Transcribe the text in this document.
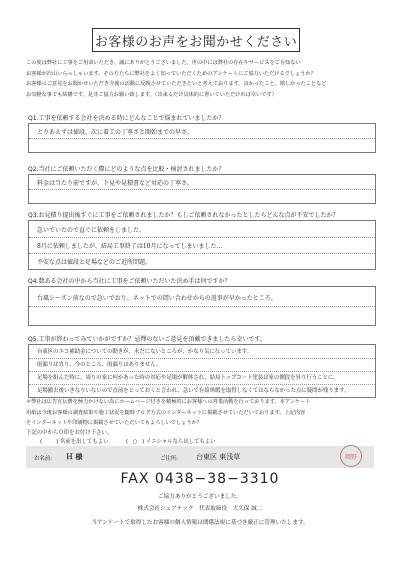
お客様のお声をお聞かせください
この度は弊社に工事をご用命いただき、誠にありがとうございました。世の中には弊社の存在やサービスをご存知ない
お客様が沢山いらっしゃいます。その方たちに弊社をよく知っていただくためのアンケートにご協力いただけるでしょうか？
お客様のご意見をお聞かせいただき今後の活動に反映させていただきたいと考えております。良かったこと、嬉しかったことなど
お気軽な事でも結構です。是非ご協力お願い致します。（出来るだけ具体的に書いていただければ幸いです）
Q1.工事を依頼する会社を決める時にどんなことで悩まれていましたか？
とりあえずは値段、次に着工の丁寧さと開始までの早さ。
Q2.当社にご依頼いただく際にどのような点を比較・検討されましたか？
料金は当たり前ですが、下見や見積書など対応の丁寧さ。
Q3.お見積り提出後すぐに工事をご依頼されましたか？もしご依頼されなかったとしたらどんな点が不安でしたか？
急いでいたので直ぐに依頼をしました。
8月に依頼しましたが、結局工事終了は10月になってしまいました…
不安な点は値段と足場などのご近所問題。
Q4.数ある会社の中から当社に工事をご依頼いただいた決め手は何ですか？
台風シーズン前なので急いでおり、ネットでの問い合わせからの返事が早かったところ。
Q5.工事が終わってみていかがですか？忌憚のないご意見を頂戴できましたら幸いです。
台東区のエコ補助金についての動きが、未だにないところが、かなり気になっています。
雨漏りは直り、今のところ、雨漏りはありません。
足場を組んだ時に、周りの家に何かあった時の対応や足場が解体され、結局トップコート塗装は家の側段を昇り行うことに。
足場撤去後いきなりいないので直前をとっておくと言われ、急いで有給休暇を取得しなくてはならなかった点に疑問が残ります。
＊弊社は広告宣伝費を極力かけない為にホームページ付きを積極的にお客様への営業活動を行っております。本アンケート
用紙は今後お客様の調査結果や施工状況を随時ブログ方式のインターネットに掲載させていただいております。上記内容
をインターネットや印刷物に掲載させていただいてもよろしいでしょうか？
下記の中からＯ印をお付け下さい。
(	) 名前を出してもよい	( ○ ) イニシャルなら出してもよい
お名前: Ｈ 様	ご住所:	台東区 東浅草	岡野
FAX 0438−38−3310
ご協力ありがとうございました。
株式会社シェアテック　代表取締役　大久保 誠二
当アンケートで取得したお客様の個人情報は関係法規に基づき厳正に管理いたします。
